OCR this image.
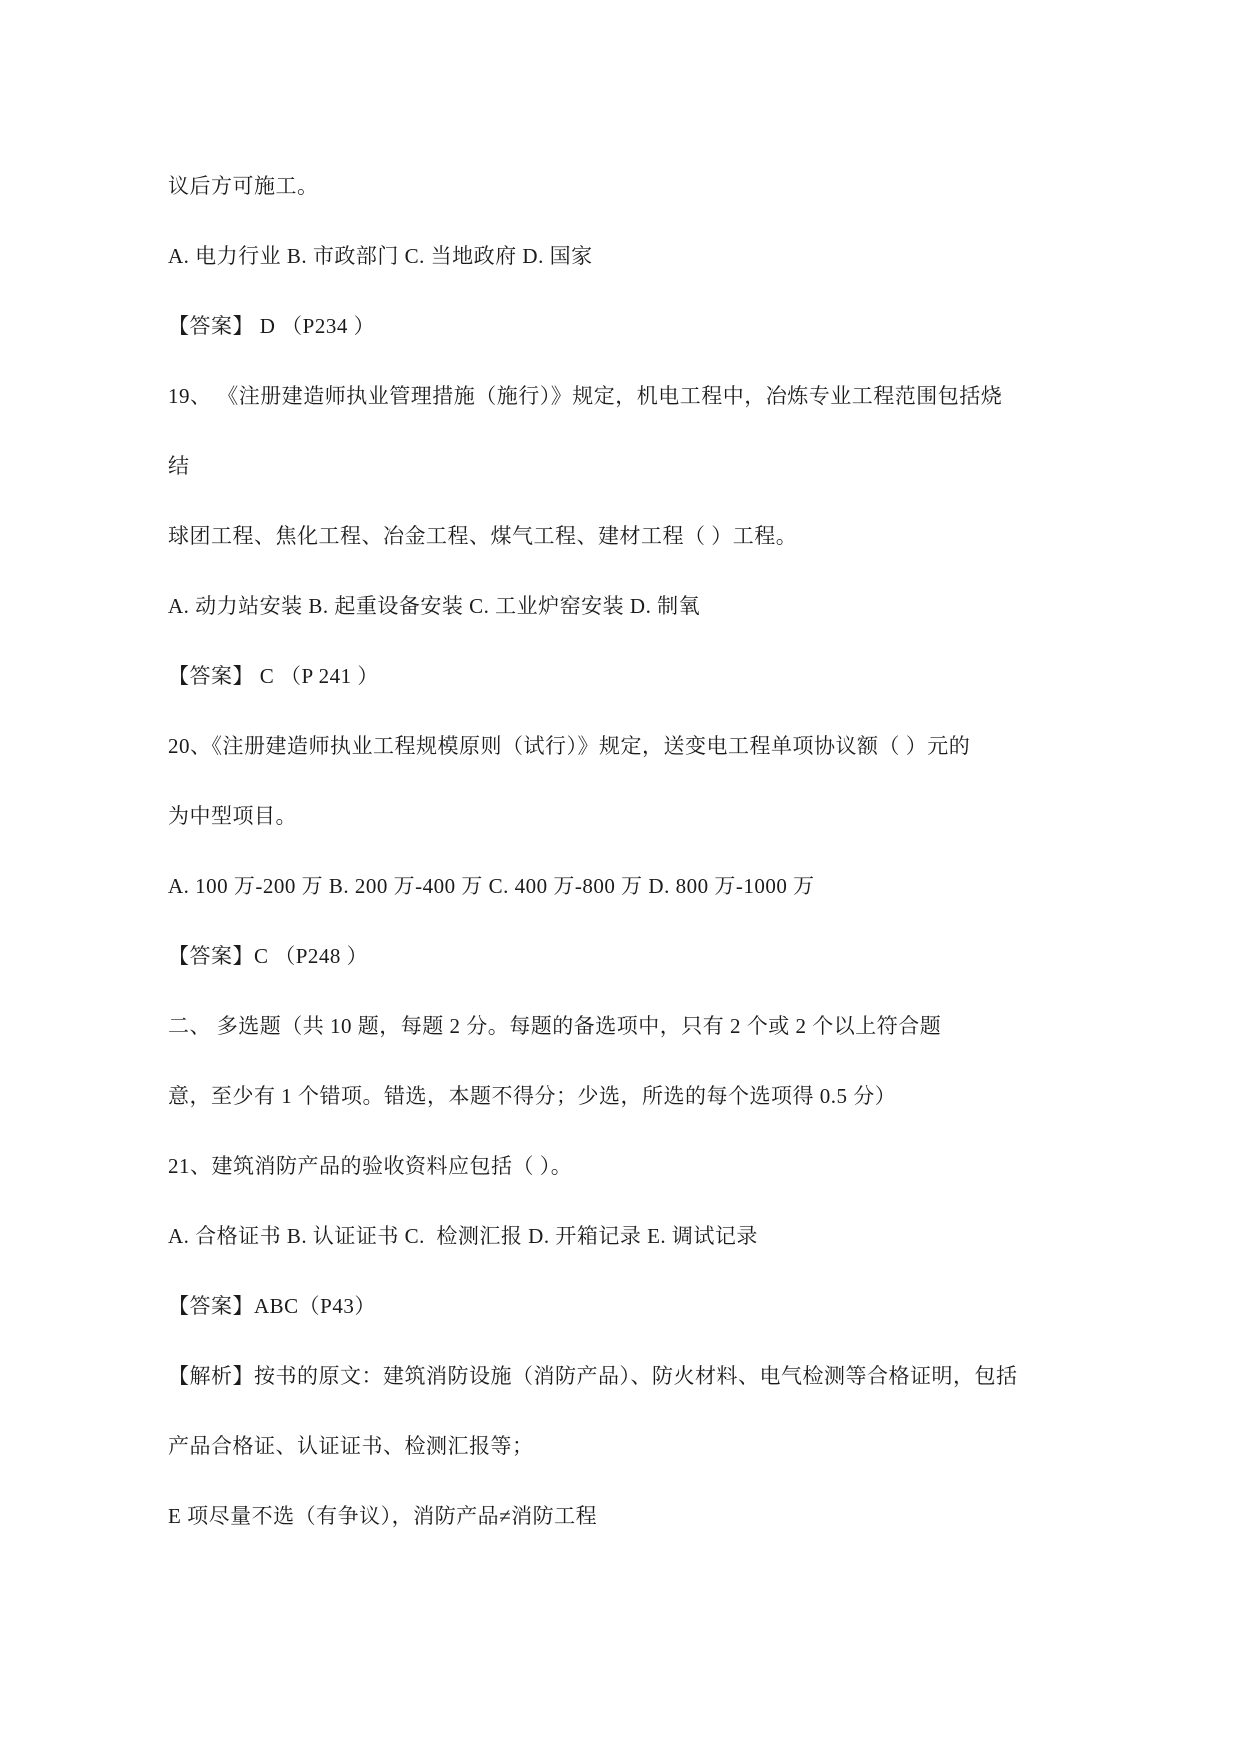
议后方可施工。

A. 电力行业 B. 市政部门 C. 当地政府 D. 国家

【答案】 D （P234 ）

19、 《注册建造师执业管理措施（施行）》规定，机电工程中，冶炼专业工程范围包括烧

结

球团工程、焦化工程、冶金工程、煤气工程、建材工程（ ）工程。

A. 动力站安装 B. 起重设备安装 C. 工业炉窑安装 D. 制氧

【答案】 C （P 241 ）

20、《注册建造师执业工程规模原则（试行）》规定，送变电工程单项协议额（ ）元的

为中型项目。

A. 100 万-200 万 B. 200 万-400 万 C. 400 万-800 万 D. 800 万-1000 万

【答案】C （P248 ）

二、 多选题（共 10 题，每题 2 分。每题的备选项中，只有 2 个或 2 个以上符合题

意，至少有 1 个错项。错选，本题不得分；少选，所选的每个选项得 0.5 分）

21、建筑消防产品的验收资料应包括（ ）。

A. 合格证书 B. 认证证书 C.  检测汇报 D. 开箱记录 E. 调试记录

【答案】ABC（P43）

【解析】按书的原文：建筑消防设施（消防产品）、防火材料、电气检测等合格证明，包括

产品合格证、认证证书、检测汇报等；

E 项尽量不选（有争议），消防产品≠消防工程
